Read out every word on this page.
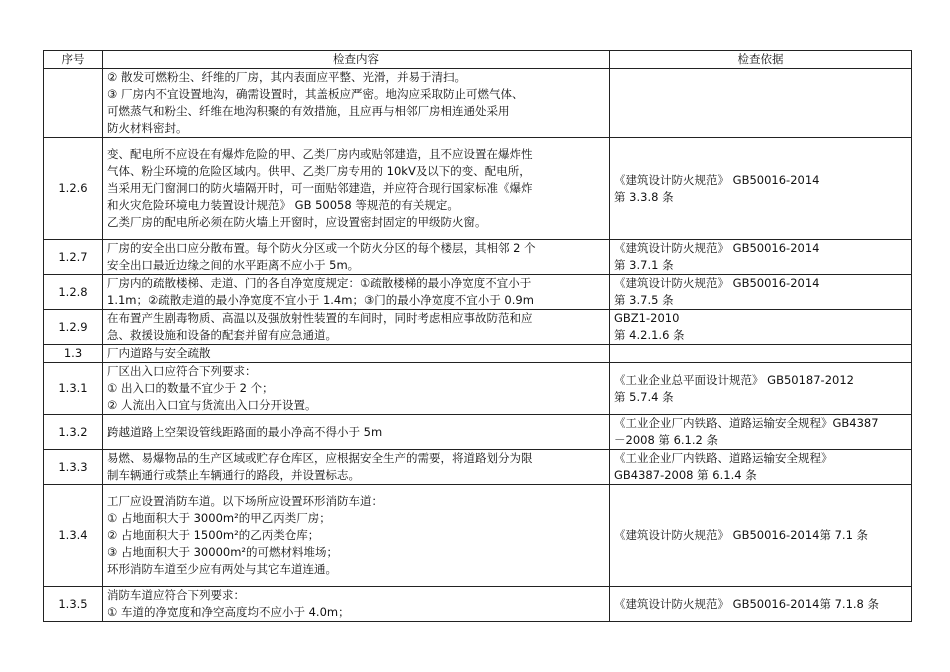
序号	检查内容	检查依据

	② 散发可燃粉尘、纤维的厂房，其内表面应平整、光滑，并易于清扫。
③ 厂房内不宜设置地沟，确需设置时，其盖板应严密。地沟应采取防止可燃气体、
可燃蒸气和粉尘、纤维在地沟积聚的有效措施，且应再与相邻厂房相连通处采用
防火材料密封。	

1.2.6	变、配电所不应设在有爆炸危险的甲、乙类厂房内或贴邻建造，且不应设置在爆炸性
气体、粉尘环境的危险区域内。供甲、乙类厂房专用的 10kV及以下的变、配电所，
当采用无门窗洞口的防火墙隔开时，可一面贴邻建造，并应符合现行国家标准《爆炸
和火灾危险环境电力装置设计规范》 GB 50058 等规范的有关规定。
乙类厂房的配电所必须在防火墙上开窗时，应设置密封固定的甲级防火窗。	《建筑设计防火规范》 GB50016-2014
第 3.3.8 条

1.2.7	厂房的安全出口应分散布置。每个防火分区或一个防火分区的每个楼层，其相邻 2 个
安全出口最近边缘之间的水平距离不应小于 5m。	《建筑设计防火规范》 GB50016-2014
第 3.7.1 条

1.2.8	厂房内的疏散楼梯、走道、门的各自净宽度规定：①疏散楼梯的最小净宽度不宜小于
1.1m；②疏散走道的最小净宽度不宜小于 1.4m；③门的最小净宽度不宜小于 0.9m	《建筑设计防火规范》 GB50016-2014
第 3.7.5 条

1.2.9	在布置产生剧毒物质、高温以及强放射性装置的车间时，同时考虑相应事故防范和应
急、救援设施和设备的配套并留有应急通道。	GBZ1-2010
第 4.2.1.6 条

1.3	厂内道路与安全疏散	

1.3.1	厂区出入口应符合下列要求：
① 出入口的数量不宜少于 2 个；
② 人流出入口宜与货流出入口分开设置。	《工业企业总平面设计规范》 GB50187-2012
第 5.7.4 条

1.3.2	跨越道路上空架设管线距路面的最小净高不得小于 5m	《工业企业厂内铁路、道路运输安全规程》GB4387
－2008 第 6.1.2 条

1.3.3	易燃、易爆物品的生产区域或贮存仓库区，应根据安全生产的需要，将道路划分为限
制车辆通行或禁止车辆通行的路段，并设置标志。	《工业企业厂内铁路、道路运输安全规程》
GB4387-2008 第 6.1.4 条

1.3.4	工厂应设置消防车道。以下场所应设置环形消防车道：
① 占地面积大于 3000m²的甲乙丙类厂房；
② 占地面积大于 1500m²的乙丙类仓库；
③ 占地面积大于 30000m²的可燃材料堆场；
环形消防车道至少应有两处与其它车道连通。	《建筑设计防火规范》 GB50016-2014第 7.1 条

1.3.5	消防车道应符合下列要求：
① 车道的净宽度和净空高度均不应小于 4.0m；	《建筑设计防火规范》 GB50016-2014第 7.1.8 条
